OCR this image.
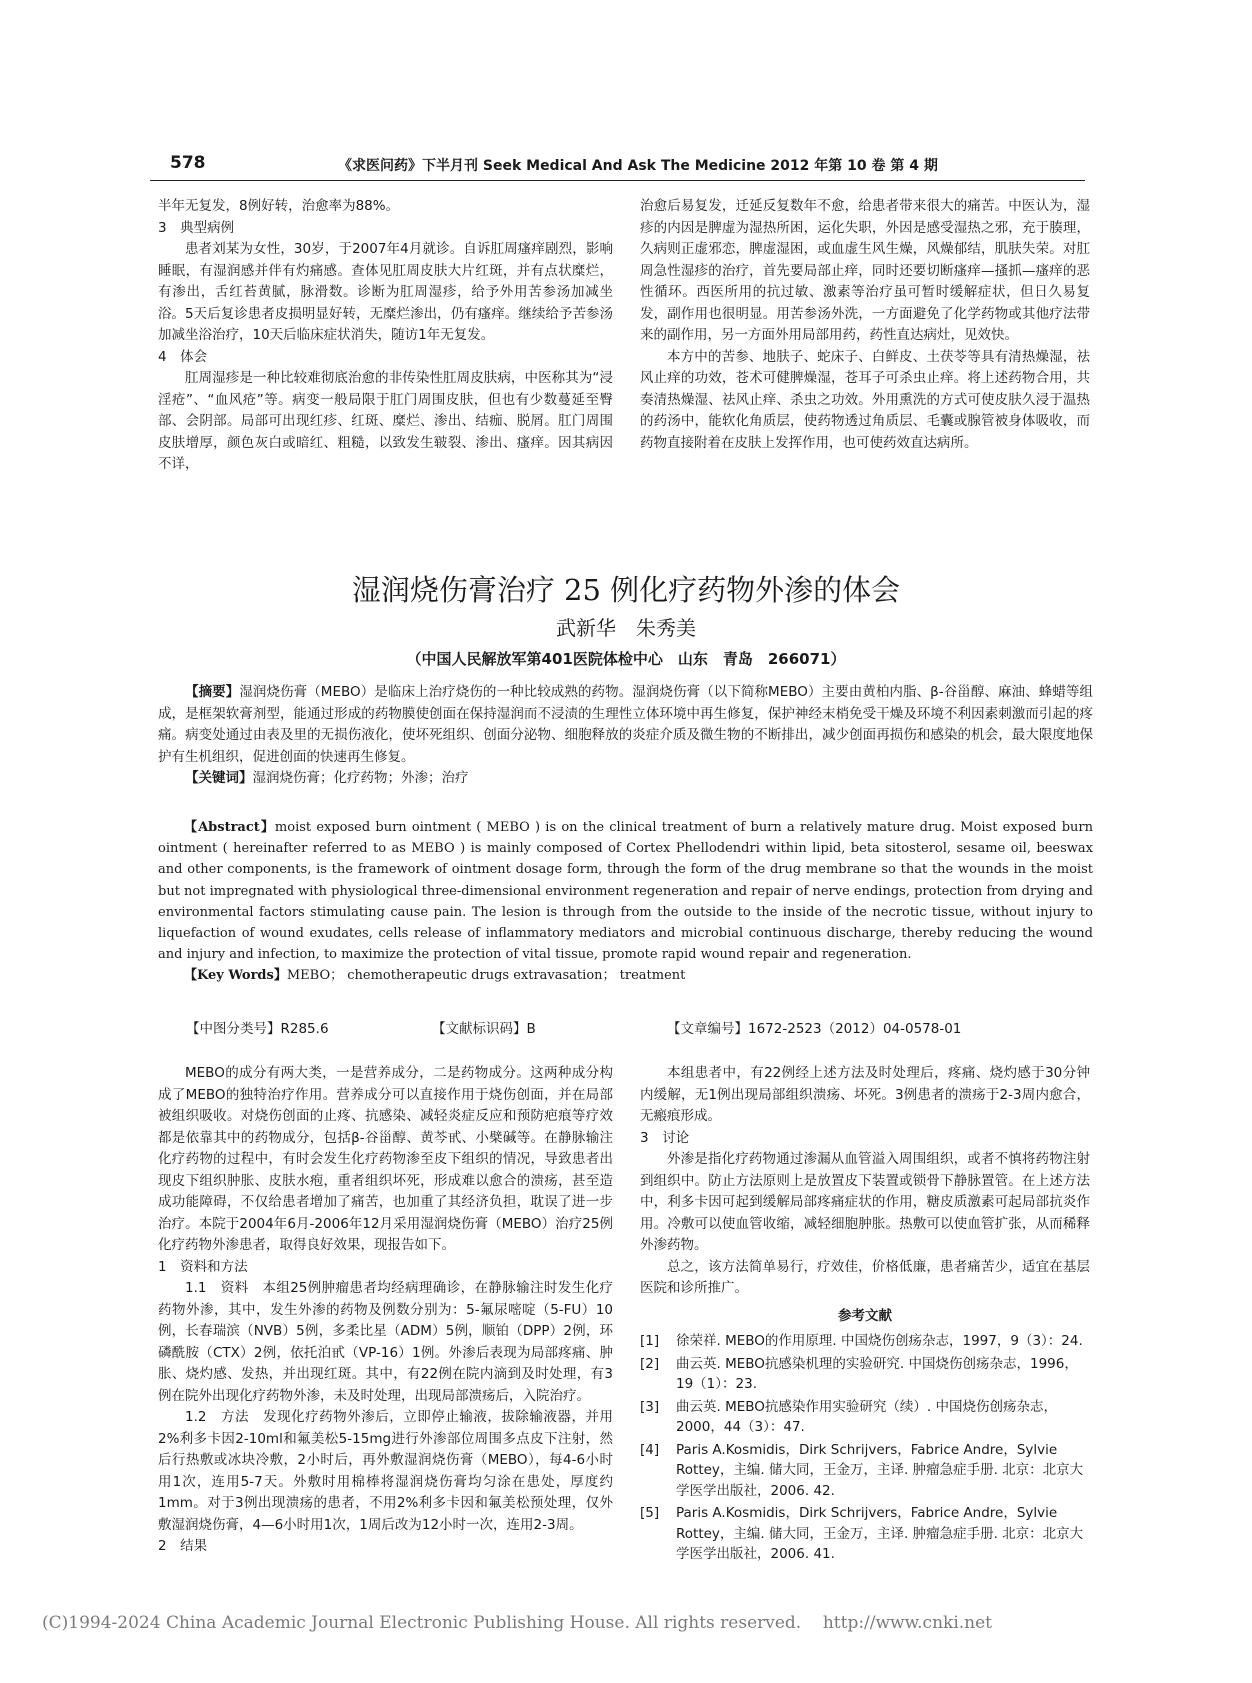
578	《求医问药》下半月刊 Seek Medical And Ask The Medicine 2012 年第 10 卷 第 4 期

半年无复发，8例好转，治愈率为88%。

3　典型病例

患者刘某为女性，30岁，于2007年4月就诊。自诉肛周瘙痒剧烈，影响睡眠，有湿润感并伴有灼痛感。查体见肛周皮肤大片红斑，并有点状糜烂，有渗出，舌红苔黄腻，脉滑数。诊断为肛周湿疹，给予外用苦参汤加减坐浴。5天后复诊患者皮损明显好转，无糜烂渗出，仍有瘙痒。继续给予苦参汤加减坐浴治疗，10天后临床症状消失，随访1年无复发。

4　体会

肛周湿疹是一种比较难彻底治愈的非传染性肛周皮肤病，中医称其为“浸淫疮”、“血风疮”等。病变一般局限于肛门周围皮肤，但也有少数蔓延至臀部、会阴部。局部可出现红疹、红斑、糜烂、渗出、结痂、脱屑。肛门周围皮肤增厚，颜色灰白或暗红、粗糙，以致发生皲裂、渗出、瘙痒。因其病因不详，

治愈后易复发，迁延反复数年不愈，给患者带来很大的痛苦。中医认为，湿疹的内因是脾虚为湿热所困，运化失职，外因是感受湿热之邪，充于腠理，久病则正虚邪恋，脾虚湿困，或血虚生风生燥，风燥郁结，肌肤失荣。对肛周急性湿疹的治疗，首先要局部止痒，同时还要切断瘙痒—搔抓—瘙痒的恶性循环。西医所用的抗过敏、激素等治疗虽可暂时缓解症状，但日久易复发，副作用也很明显。用苦参汤外洗，一方面避免了化学药物或其他疗法带来的副作用，另一方面外用局部用药，药性直达病灶，见效快。

本方中的苦参、地肤子、蛇床子、白鲜皮、土茯苓等具有清热燥湿，祛风止痒的功效，苍术可健脾燥湿，苍耳子可杀虫止痒。将上述药物合用，共奏清热燥湿、祛风止痒、杀虫之功效。外用熏洗的方式可使皮肤久浸于温热的药汤中，能软化角质层，使药物透过角质层、毛囊或腺管被身体吸收，而药物直接附着在皮肤上发挥作用，也可使药效直达病所。

湿润烧伤膏治疗 25 例化疗药物外渗的体会
武新华　朱秀美
（中国人民解放军第401医院体检中心　山东　青岛　266071）

【摘要】湿润烧伤膏（MEBO）是临床上治疗烧伤的一种比较成熟的药物。湿润烧伤膏（以下简称MEBO）主要由黄柏内脂、β-谷甾醇、麻油、蜂蜡等组成，是框架软膏剂型，能通过形成的药物膜使创面在保持湿润而不浸渍的生理性立体环境中再生修复，保护神经末梢免受干燥及环境不利因素刺激而引起的疼痛。病变处通过由表及里的无损伤液化，使坏死组织、创面分泌物、细胞释放的炎症介质及微生物的不断排出，减少创面再损伤和感染的机会，最大限度地保护有生机组织，促进创面的快速再生修复。

【关键词】湿润烧伤膏；化疗药物；外渗；治疗

【Abstract】moist exposed burn ointment ( MEBO ) is on the clinical treatment of burn a relatively mature drug. Moist exposed burn ointment ( hereinafter referred to as MEBO ) is mainly composed of Cortex Phellodendri within lipid, beta sitosterol, sesame oil, beeswax and other components, is the framework of ointment dosage form, through the form of the drug membrane so that the wounds in the moist but not impregnated with physiological three-dimensional environment regeneration and repair of nerve endings, protection from drying and environmental factors stimulating cause pain. The lesion is through from the outside to the inside of the necrotic tissue, without injury to liquefaction of wound exudates, cells release of inflammatory mediators and microbial continuous discharge, thereby reducing the wound and injury and infection, to maximize the protection of vital tissue, promote rapid wound repair and regeneration.

【Key Words】MEBO； chemotherapeutic drugs extravasation； treatment

【中图分类号】R285.6	【文献标识码】B	【文章编号】1672-2523（2012）04-0578-01

MEBO的成分有两大类，一是营养成分，二是药物成分。这两种成分构成了MEBO的独特治疗作用。营养成分可以直接作用于烧伤创面，并在局部被组织吸收。对烧伤创面的止疼、抗感染、减轻炎症反应和预防疤痕等疗效都是依靠其中的药物成分，包括β-谷甾醇、黄芩甙、小檗碱等。在静脉输注化疗药物的过程中，有时会发生化疗药物渗至皮下组织的情况，导致患者出现皮下组织肿胀、皮肤水疱，重者组织坏死，形成难以愈合的溃疡，甚至造成功能障碍，不仅给患者增加了痛苦，也加重了其经济负担，耽误了进一步治疗。本院于2004年6月-2006年12月采用湿润烧伤膏（MEBO）治疗25例化疗药物外渗患者，取得良好效果，现报告如下。

1　资料和方法

1.1　资料　本组25例肿瘤患者均经病理确诊，在静脉输注时发生化疗药物外渗，其中，发生外渗的药物及例数分别为：5-氟尿嘧啶（5-FU）10例，长春瑞滨（NVB）5例，多柔比星（ADM）5例，顺铂（DPP）2例，环磷酰胺（CTX）2例，依托泊甙（VP-16）1例。外渗后表现为局部疼痛、肿胀、烧灼感、发热，并出现红斑。其中，有22例在院内滴到及时处理，有3例在院外出现化疗药物外渗，未及时处理，出现局部溃疡后，入院治疗。

1.2　方法　发现化疗药物外渗后，立即停止输液，拔除输液器，并用2%利多卡因2-10ml和氟美松5-15mg进行外渗部位周围多点皮下注射，然后行热敷或冰块冷敷，2小时后，再外敷湿润烧伤膏（MEBO），每4-6小时用1次，连用5-7天。外敷时用棉棒将湿润烧伤膏均匀涂在患处，厚度约1mm。对于3例出现溃疡的患者，不用2%利多卡因和氟美松预处理，仅外敷湿润烧伤膏，4—6小时用1次，1周后改为12小时一次，连用2-3周。

2　结果

本组患者中，有22例经上述方法及时处理后，疼痛、烧灼感于30分钟内缓解，无1例出现局部组织溃疡、坏死。3例患者的溃疡于2-3周内愈合，无瘢痕形成。

3　讨论

外渗是指化疗药物通过渗漏从血管溢入周围组织，或者不慎将药物注射到组织中。防止方法原则上是放置皮下装置或锁骨下静脉置管。在上述方法中，利多卡因可起到缓解局部疼痛症状的作用，糖皮质激素可起局部抗炎作用。冷敷可以使血管收缩，减轻细胞肿胀。热敷可以使血管扩张，从而稀释外渗药物。

总之，该方法简单易行，疗效佳，价格低廉，患者痛苦少，适宜在基层医院和诊所推广。

参考文献

[1]	徐荣祥. MEBO的作用原理. 中国烧伤创疡杂志，1997，9（3）：24.
[2]	曲云英. MEBO抗感染机理的实验研究. 中国烧伤创疡杂志，1996，19（1）：23.
[3]	曲云英. MEBO抗感染作用实验研究（续）. 中国烧伤创疡杂志，2000，44（3）：47.
[4]	Paris A.Kosmidis，Dirk Schrijvers，Fabrice Andre，Sylvie Rottey，主编. 储大同，王金万，主译. 肿瘤急症手册. 北京：北京大学医学出版社，2006. 42.
[5]	Paris A.Kosmidis，Dirk Schrijvers，Fabrice Andre，Sylvie Rottey，主编. 储大同，王金万，主译. 肿瘤急症手册. 北京：北京大学医学出版社，2006. 41.
(C)1994-2024 China Academic Journal Electronic Publishing House. All rights reserved.    http://www.cnki.net
